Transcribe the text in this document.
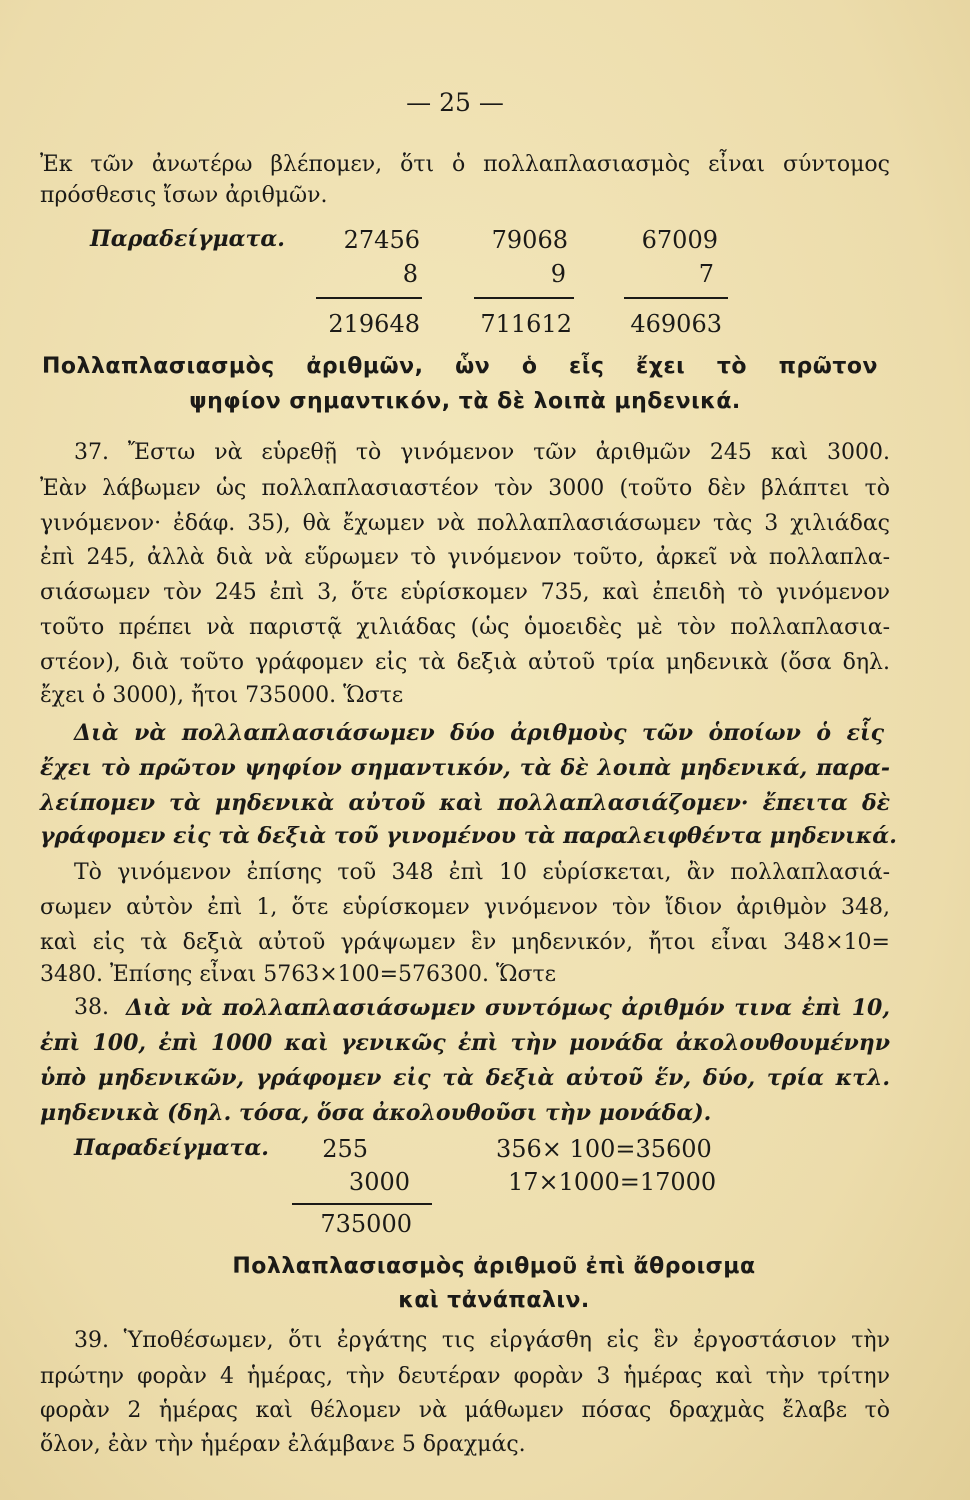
— 25 —
Ἐκ τῶν ἀνωτέρω βλέπομεν, ὅτι ὁ πολλαπλασιασμὸς εἶναι σύντομος
πρόσθεσις ἴσων ἀριθμῶν.
Παραδείγματα.	27456
8
219648
79068
9
711612
67009
7
469063
Πολλαπλασιασμὸς ἀριθμῶν, ὧν ὁ εἷς ἔχει τὸ πρῶτον
ψηφίον σημαντικόν, τὰ δὲ λοιπὰ μηδενικά.
37. Ἔστω νὰ εὑρεθῇ τὸ γινόμενον τῶν ἀριθμῶν 245 καὶ 3000.
Ἐὰν λάβωμεν ὡς πολλαπλασιαστέον τὸν 3000 (τοῦτο δὲν βλάπτει τὸ
γινόμενον· ἐδάφ. 35), θὰ ἔχωμεν νὰ πολλαπλασιάσωμεν τὰς 3 χιλιάδας
ἐπὶ 245, ἀλλὰ διὰ νὰ εὕρωμεν τὸ γινόμενον τοῦτο, ἀρκεῖ νὰ πολλαπλα-
σιάσωμεν τὸν 245 ἐπὶ 3, ὅτε εὑρίσκομεν 735, καὶ ἐπειδὴ τὸ γινόμενον
τοῦτο πρέπει νὰ παριστᾷ χιλιάδας (ὡς ὁμοειδὲς μὲ τὸν πολλαπλασια-
στέον), διὰ τοῦτο γράφομεν εἰς τὰ δεξιὰ αὐτοῦ τρία μηδενικὰ (ὅσα δηλ.
ἔχει ὁ 3000), ἤτοι 735000. Ὥστε
Διὰ νὰ πολλαπλασιάσωμεν δύο ἀριθμοὺς τῶν ὁποίων ὁ εἷς
ἔχει τὸ πρῶτον ψηφίον σημαντικόν, τὰ δὲ λοιπὰ μηδενικά, παρα-
λείπομεν τὰ μηδενικὰ αὐτοῦ καὶ πολλαπλασιάζομεν· ἔπειτα δὲ
γράφομεν εἰς τὰ δεξιὰ τοῦ γινομένου τὰ παραλειφθέντα μηδενικά.
Τὸ γινόμενον ἐπίσης τοῦ 348 ἐπὶ 10 εὑρίσκεται, ἂν πολλαπλασιά-
σωμεν αὐτὸν ἐπὶ 1, ὅτε εὑρίσκομεν γινόμενον τὸν ἴδιον ἀριθμὸν 348,
καὶ εἰς τὰ δεξιὰ αὐτοῦ γράψωμεν ἓν μηδενικόν, ἤτοι εἶναι 348×10=
3480. Ἐπίσης εἶναι 5763×100=576300. Ὥστε
38. Διὰ νὰ πολλαπλασιάσωμεν συντόμως ἀριθμόν τινα ἐπὶ 10,
ἐπὶ 100, ἐπὶ 1000 καὶ γενικῶς ἐπὶ τὴν μονάδα ἀκολουθουμένην
ὑπὸ μηδενικῶν, γράφομεν εἰς τὰ δεξιὰ αὐτοῦ ἕν, δύο, τρία κτλ.
μηδενικὰ (δηλ. τόσα, ὅσα ἀκολουθοῦσι τὴν μονάδα).
Παραδείγματα.	255
3000
735000
356× 100=35600
17×1000=17000
Πολλαπλασιασμὸς ἀριθμοῦ ἐπὶ ἄθροισμα
καὶ τἀνάπαλιν.
39. Ὑποθέσωμεν, ὅτι ἐργάτης τις εἰργάσθη εἰς ἓν ἐργοστάσιον τὴν
πρώτην φορὰν 4 ἡμέρας, τὴν δευτέραν φορὰν 3 ἡμέρας καὶ τὴν τρίτην
φορὰν 2 ἡμέρας καὶ θέλομεν νὰ μάθωμεν πόσας δραχμὰς ἔλαβε τὸ
ὅλον, ἐὰν τὴν ἡμέραν ἐλάμβανε 5 δραχμάς.
